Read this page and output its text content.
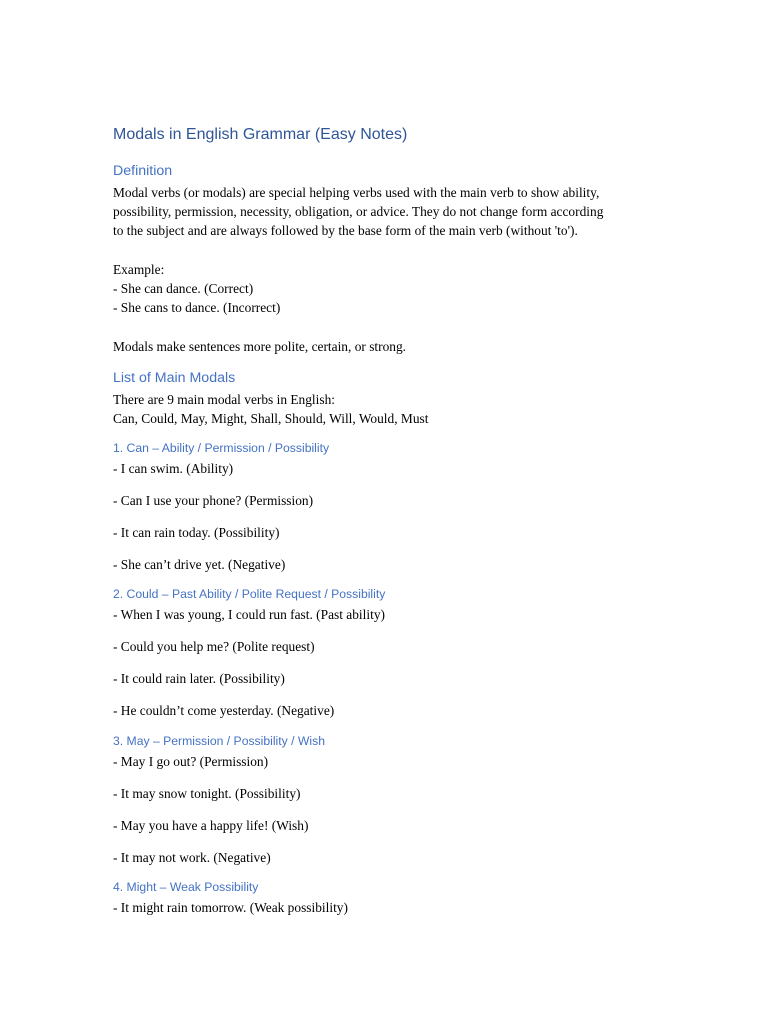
Modals in English Grammar (Easy Notes)
Definition

Modal verbs (or modals) are special helping verbs used with the main verb to show ability,

possibility, permission, necessity, obligation, or advice. They do not change form according

to the subject and are always followed by the base form of the main verb (without 'to').

Example:

- She can dance. (Correct)

- She cans to dance. (Incorrect)

Modals make sentences more polite, certain, or strong.

List of Main Modals

There are 9 main modal verbs in English:

Can, Could, May, Might, Shall, Should, Will, Would, Must

1. Can – Ability / Permission / Possibility

- I can swim. (Ability)

- Can I use your phone? (Permission)

- It can rain today. (Possibility)

- She can’t drive yet. (Negative)

2. Could – Past Ability / Polite Request / Possibility

- When I was young, I could run fast. (Past ability)

- Could you help me? (Polite request)

- It could rain later. (Possibility)

- He couldn’t come yesterday. (Negative)

3. May – Permission / Possibility / Wish

- May I go out? (Permission)

- It may snow tonight. (Possibility)

- May you have a happy life! (Wish)

- It may not work. (Negative)

4. Might – Weak Possibility

- It might rain tomorrow. (Weak possibility)
